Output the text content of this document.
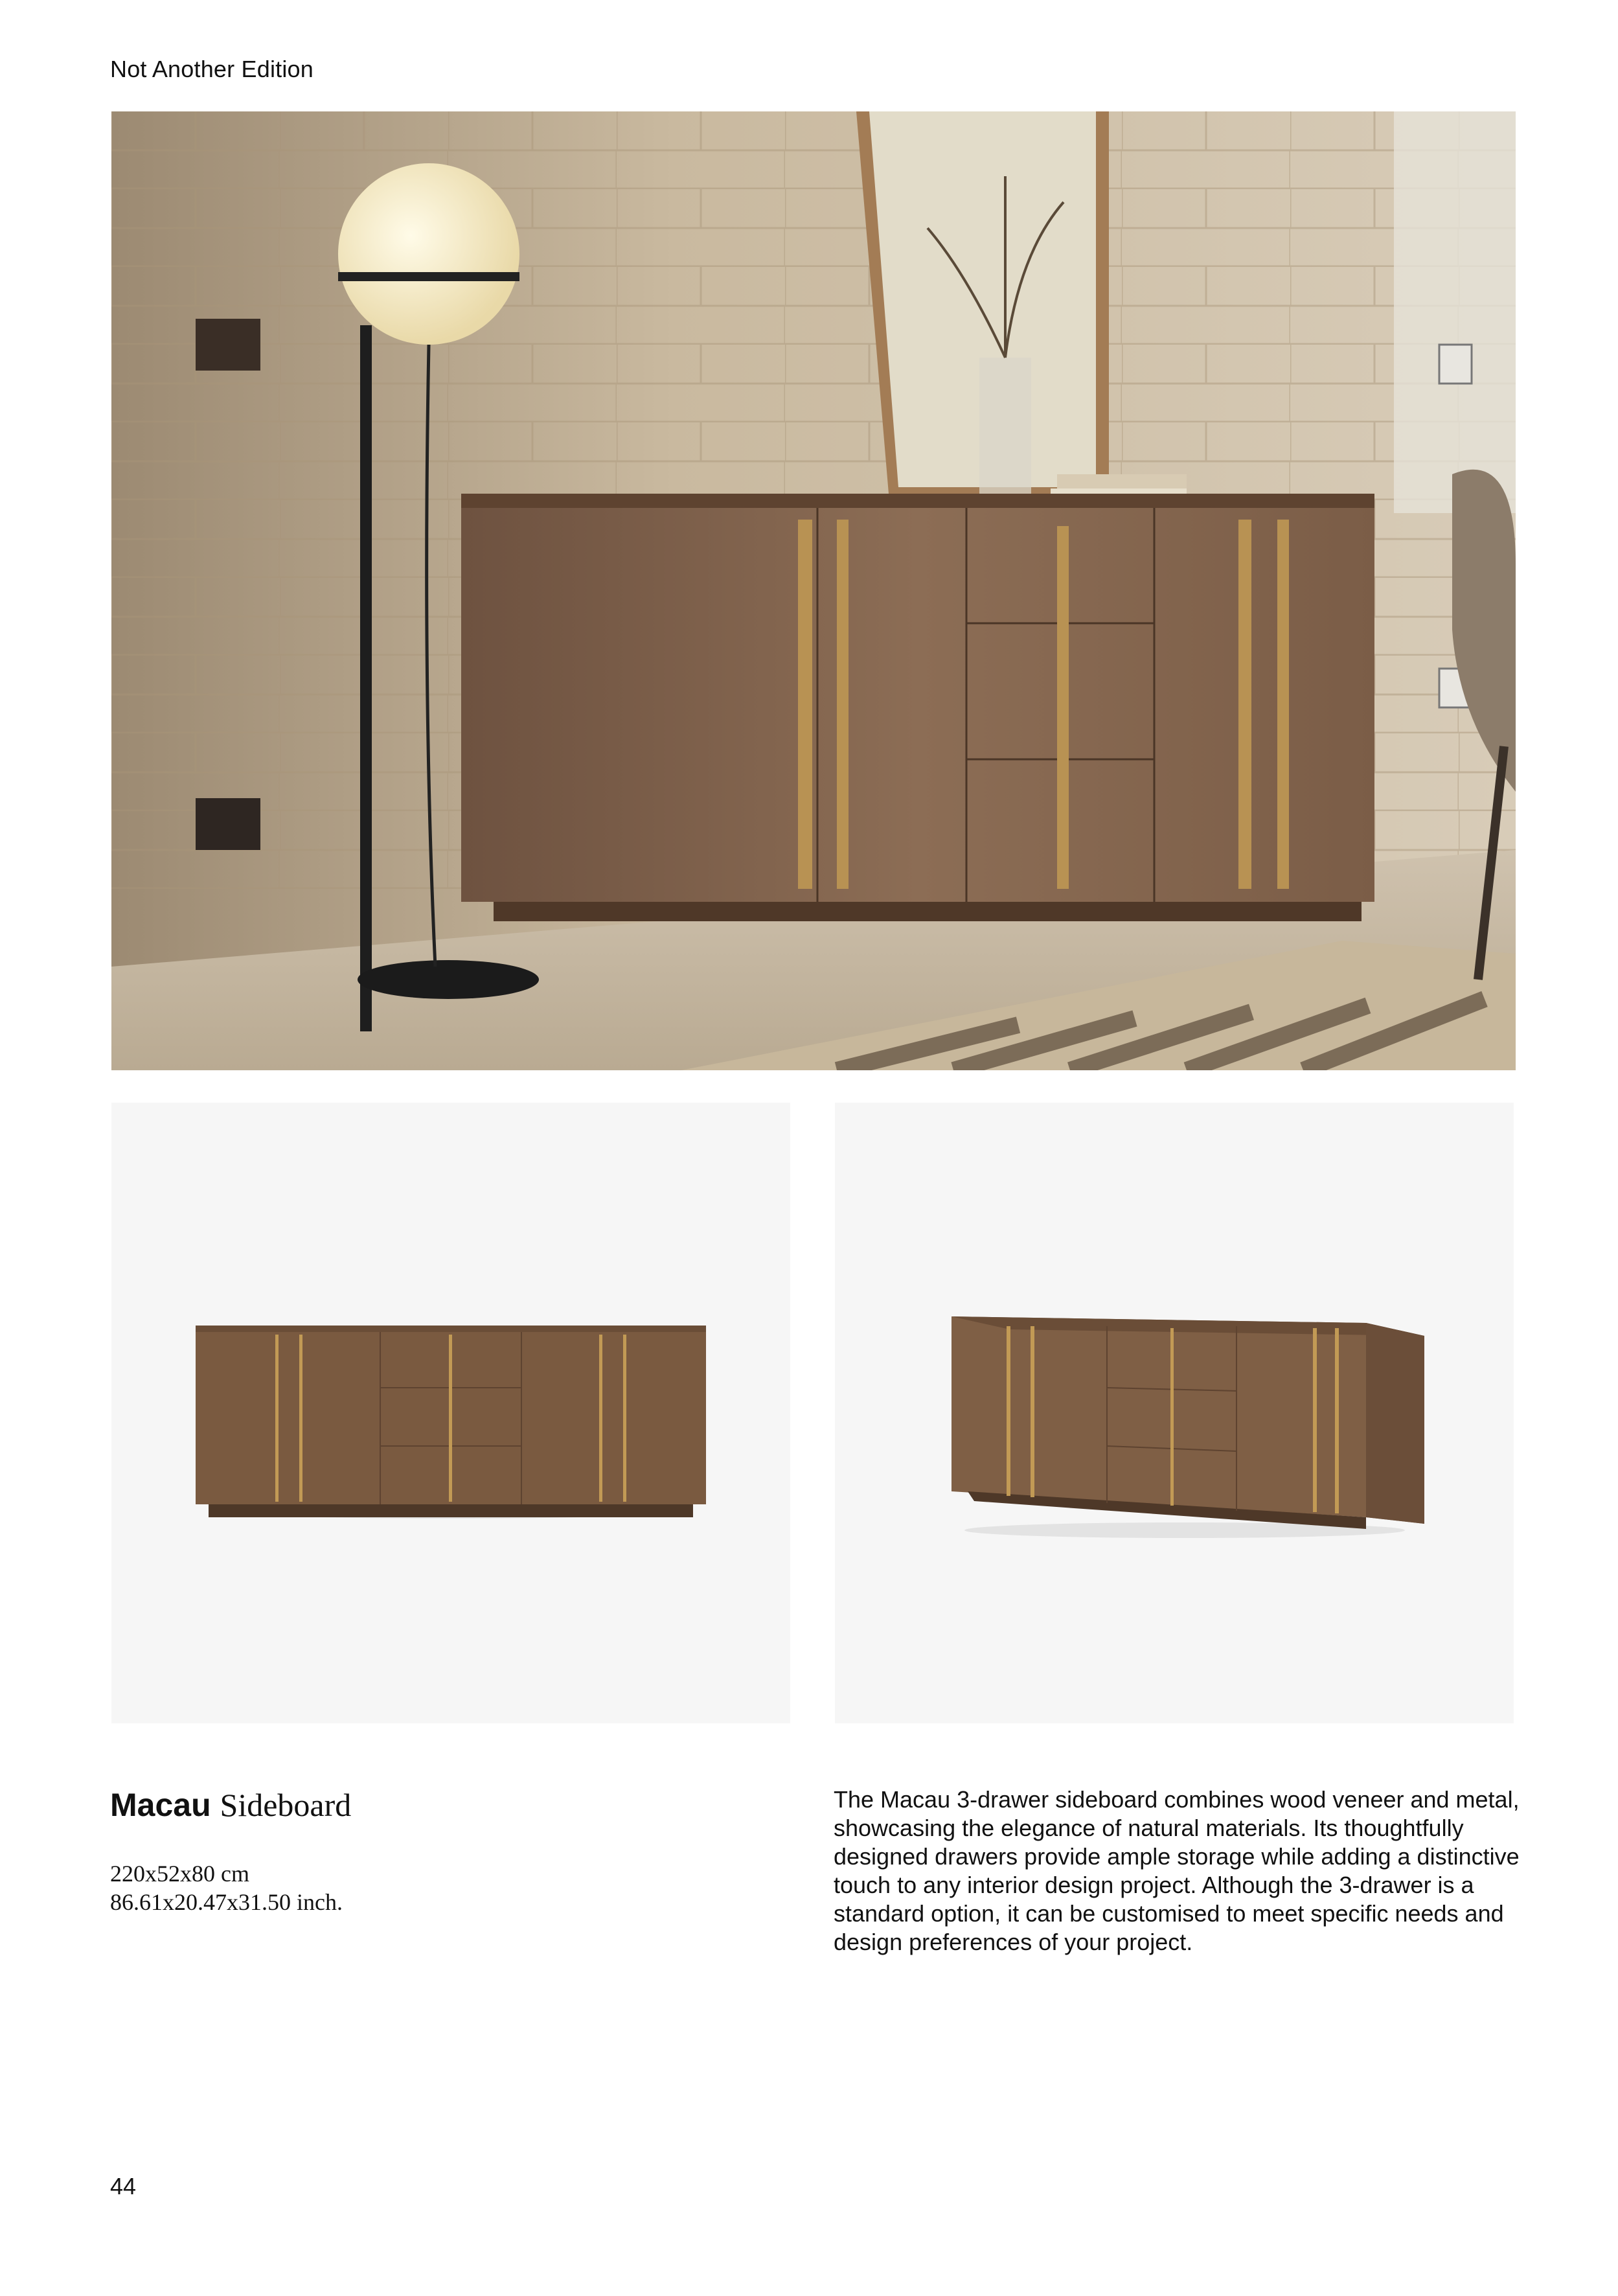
Not Another Edition
Macau Sideboard
220x52x80 cm
86.61x20.47x31.50 inch.
The Macau 3-drawer sideboard combines wood veneer and metal, showcasing the elegance of natural materials. Its thoughtfully designed drawers provide ample storage while adding a distinctive touch to any interior design project. Although the 3-drawer is a standard option, it can be customised to meet specific needs and design preferences of your project.
44
